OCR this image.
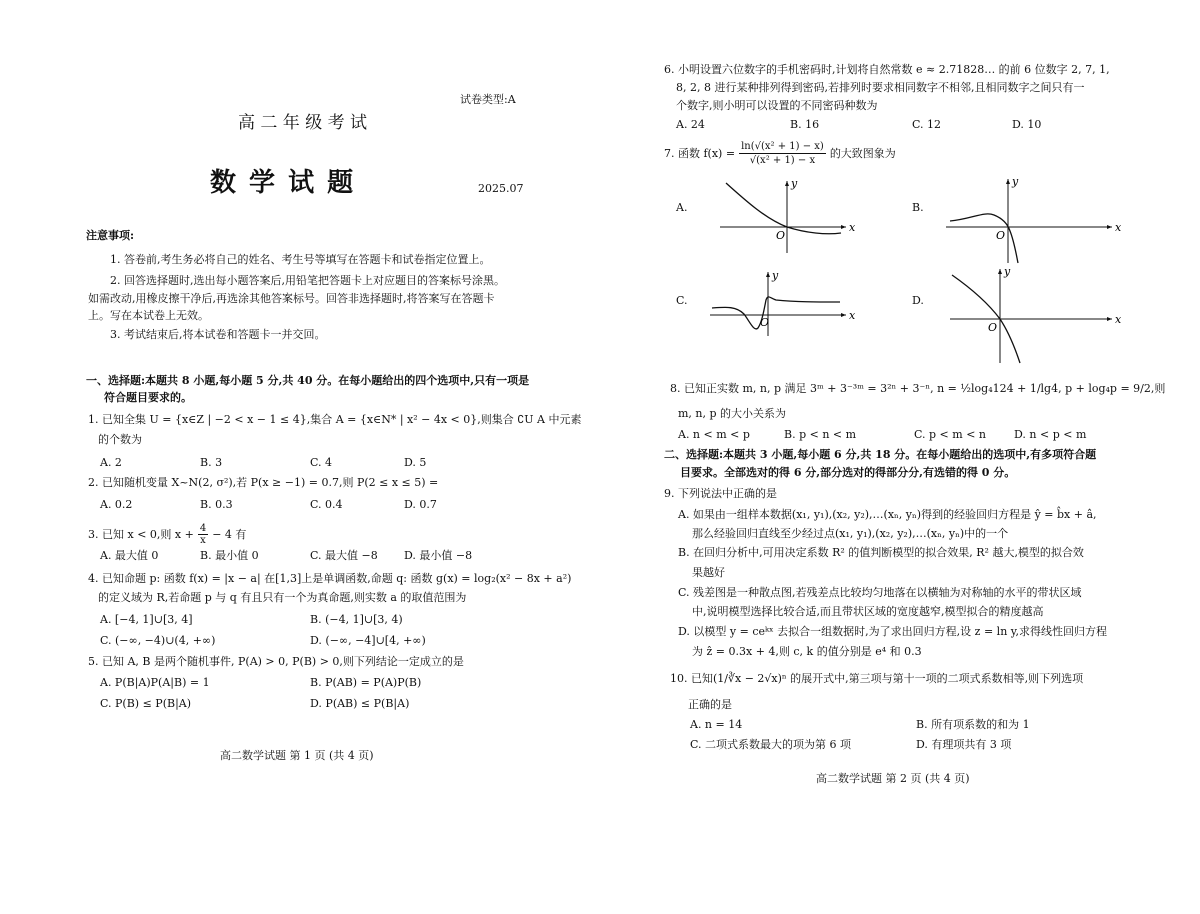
试卷类型:A
高 二 年 级 考 试
数 学 试 题	2025.07
注意事项:
1. 答卷前,考生务必将自己的姓名、考生号等填写在答题卡和试卷指定位置上。
2. 回答选择题时,选出每小题答案后,用铅笔把答题卡上对应题目的答案标号涂黑。
如需改动,用橡皮擦干净后,再选涂其他答案标号。回答非选择题时,将答案写在答题卡
上。写在本试卷上无效。
3. 考试结束后,将本试卷和答题卡一并交回。
一、选择题:本题共 8 小题,每小题 5 分,共 40 分。在每小题给出的四个选项中,只有一项是
符合题目要求的。
1. 已知全集 U = {x∈Z | −2 < x − 1 ≤ 4},集合 A = {x∈N* | x² − 4x < 0},则集合 ∁U A 中元素
的个数为
A. 2	B. 3	C. 4	D. 5
2. 已知随机变量 X~N(2, σ²),若 P(x ≥ −1) = 0.7,则 P(2 ≤ x ≤ 5) =
A. 0.2	B. 0.3	C. 0.4	D. 0.7
3. 已知 x < 0,则 $x + \frac{4}{x} - 4$ 有
A. 最大值 0	B. 最小值 0	C. 最大值 −8 D. 最小值 −8
4. 已知命题 p: 函数 f(x) = |x − a| 在[1,3]上是单调函数,命题 q: 函数 g(x) = log₂(x² − 8x + a²)
的定义域为 R,若命题 p 与 q 有且只有一个为真命题,则实数 a 的取值范围为
A. [−4, 1]∪[3, 4]	B. (−4, 1]∪[3, 4)
C. (−∞, −4)∪(4, +∞)	D. (−∞, −4]∪[4, +∞)
5. 已知 A, B 是两个随机事件, P(A) > 0, P(B) > 0,则下列结论一定成立的是
A. P(B|A)P(A|B) = 1	B. P(AB) = P(A)P(B)
C. P(B) ≤ P(B|A)	D. P(AB) ≤ P(B|A)
高二数学试题 第 1 页 (共 4 页)
6. 小明设置六位数字的手机密码时,计划将自然常数 e ≈ 2.71828… 的前 6 位数字 2, 7, 1,
8, 2, 8 进行某种排列得到密码,若排列时要求相同数字不相邻,且相同数字之间只有一
个数字,则小明可以设置的不同密码种数为
A. 24	B. 16	C. 12	D. 10
7. 函数 $f(x) = \frac{\text{ln(√(x² + 1) − x)}}{\text{√(x² + 1) − x}}$ 的大致图象为
A.
x
y
O
B.
x
y
O
C.
x
y
O
D.
x
y
O
8. 已知正实数 m, n, p 满足 3ᵐ + 3⁻³ᵐ = 3²ⁿ + 3⁻ⁿ, n = ½log₄124 + 1/lg4, p + log₄p = 9/2,则
m, n, p 的大小关系为
A. n < m < p	B. p < n < m	C. p < m < n	D. n < p < m
二、选择题:本题共 3 小题,每小题 6 分,共 18 分。在每小题给出的选项中,有多项符合题
目要求。全部选对的得 6 分,部分选对的得部分分,有选错的得 0 分。
9. 下列说法中正确的是
A. 如果由一组样本数据(x₁, y₁),(x₂, y₂),…(xₙ, yₙ)得到的经验回归方程是 ŷ = b̂x + â,
那么经验回归直线至少经过点(x₁, y₁),(x₂, y₂),…(xₙ, yₙ)中的一个
B. 在回归分析中,可用决定系数 R² 的值判断模型的拟合效果, R² 越大,模型的拟合效
果越好
C. 残差图是一种散点图,若残差点比较均匀地落在以横轴为对称轴的水平的带状区域
中,说明模型选择比较合适,而且带状区域的宽度越窄,模型拟合的精度越高
D. 以模型 y = ceᵏˣ 去拟合一组数据时,为了求出回归方程,设 z = ln y,求得线性回归方程
为 ẑ = 0.3x + 4,则 c, k 的值分别是 e⁴ 和 0.3
10. 已知(1/∛x − 2√x)ⁿ 的展开式中,第三项与第十一项的二项式系数相等,则下列选项
正确的是
A. n = 14	B. 所有项系数的和为 1
C. 二项式系数最大的项为第 6 项	D. 有理项共有 3 项
高二数学试题 第 2 页 (共 4 页)
